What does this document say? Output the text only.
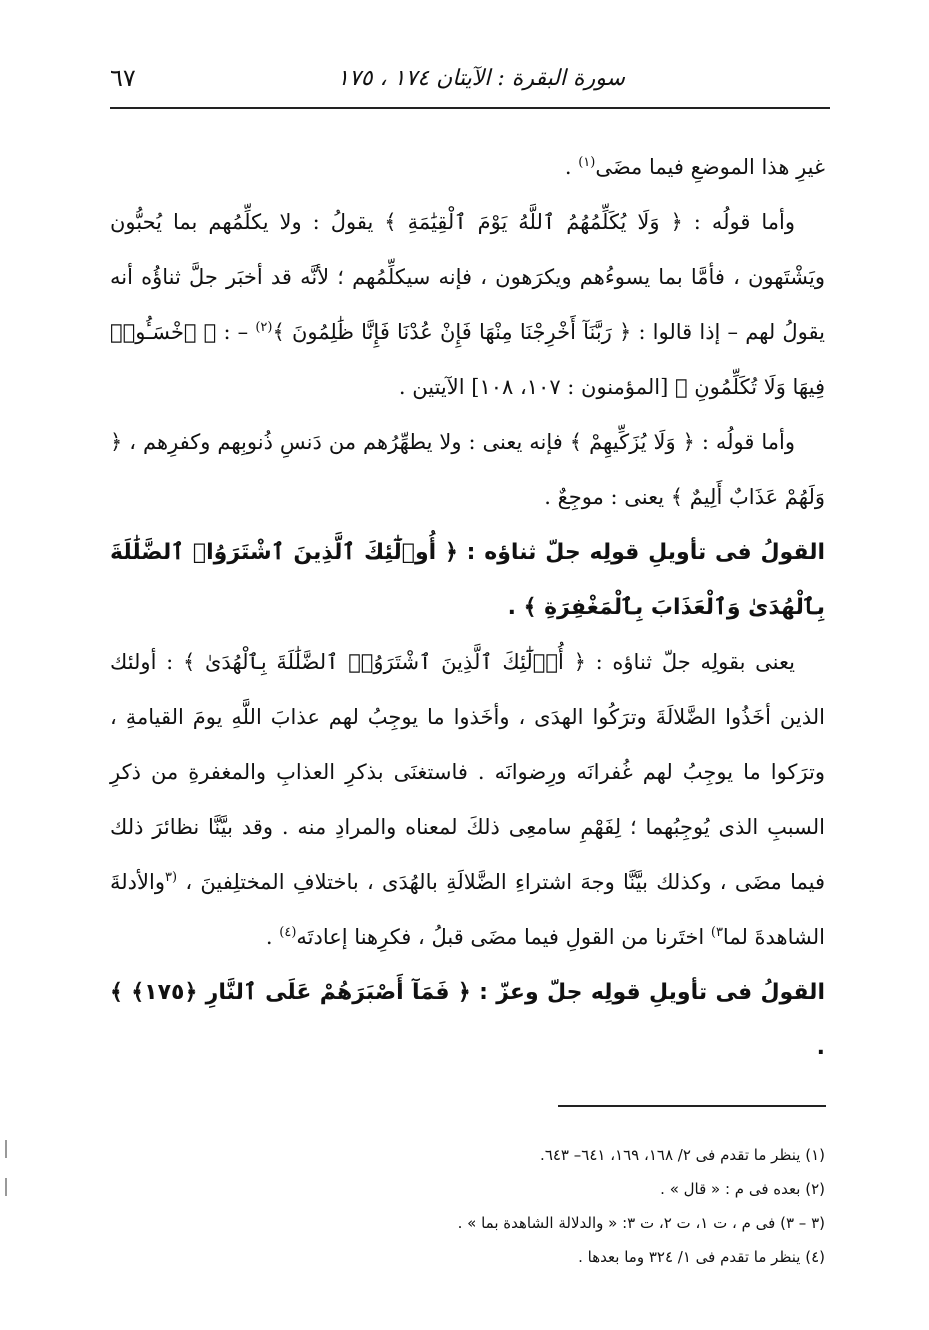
٦٧	سورة البقرة : الآيتان ١٧٤ ، ١٧٥

غيرِ هذا الموضعِ فيما مضَى$^{(١)}$ .

وأما قولُه : ﴿ وَلَا يُكَلِّمُهُمُ ٱللَّهُ يَوْمَ ٱلْقِيَٰمَةِ ﴾ يقولُ : ولا يكلِّمُهم بما يُحبُّون ويَشْتَهون ، فأمَّا بما يسوءُهم ويكرَهون ، فإنه سيكلِّمُهم ؛ لأنَّه قد أخبَر جلَّ ثناؤُه أنه يقولُ لهم – إذا قالوا : ﴿ رَبَّنَآ أَخْرِجْنَا مِنْهَا فَإِنْ عُدْنَا فَإِنَّا ظَٰلِمُونَ ﴾$^{(٢)}$ – : ﴿ ٱخْسَـُٔوا۟ فِيهَا وَلَا تُكَلِّمُونِ ﴾ [المؤمنون : ١٠٧، ١٠٨] الآيتين .

وأما قولُه : ﴿ وَلَا يُزَكِّيهِمْ ﴾ فإنه يعنى : ولا يطهِّرُهم من دَنسِ ذُنوبِهم وكفرِهم ، ﴿ وَلَهُمْ عَذَابٌ أَلِيمٌ ﴾ يعنى : موجِعٌ .

القولُ فى تأويلِ قولِه جلّ ثناؤه : ﴿ أُو۟لَٰٓئِكَ ٱلَّذِينَ ٱشْتَرَوُا۟ ٱلضَّلَٰلَةَ بِٱلْهُدَىٰ وَٱلْعَذَابَ بِٱلْمَغْفِرَةِ ﴾ .

يعنى بقولِه جلّ ثناؤه : ﴿ أُو۟لَٰٓئِكَ ٱلَّذِينَ ٱشْتَرَوُا۟ ٱلضَّلَٰلَةَ بِٱلْهُدَىٰ ﴾ : أولئك الذين أخَذُوا الضَّلالَةَ وترَكُوا الهدَى ، وأخَذوا ما يوجِبُ لهم عذابَ اللَّهِ يومَ القيامةِ ، وترَكوا ما يوجِبُ لهم غُفرانَه ورِضوانَه . فاستغنَى بذكرِ العذابِ والمغفرةِ من ذكرِ السببِ الذى يُوجِبُهما ؛ لِفَهْمِ سامعِى ذلكَ لمعناه والمرادِ منه . وقد بيَّنَّا نظائرَ ذلك فيما مضَى ، وكذلك بيَّنَّا وجهَ اشتراءِ الضَّلالَةِ بالهُدَى ، باختلافِ المختلِفينَ ، $^{(٣}$والأدلةَ الشاهدةَ لما$^{٣)}$ اختَرنا من القولِ فيما مضَى قبلُ ، فكرِهنا إعادتَه$^{(٤)}$ .

القولُ فى تأويلِ قولِه جلّ وعزّ : ﴿ فَمَآ أَصْبَرَهُمْ عَلَى ٱلنَّارِ ﴿١٧٥﴾ ﴾ .

(١) ينظر ما تقدم فى ٢/ ١٦٨، ١٦٩، ٦٤١– ٦٤٣.
(٢) بعده فى م : « قال » .
(٣ – ٣) فى م ، ت ١، ت ٢، ت ٣: « والدلالة الشاهدة بما » .
(٤) ينظر ما تقدم فى ١/ ٣٢٤ وما بعدها .
